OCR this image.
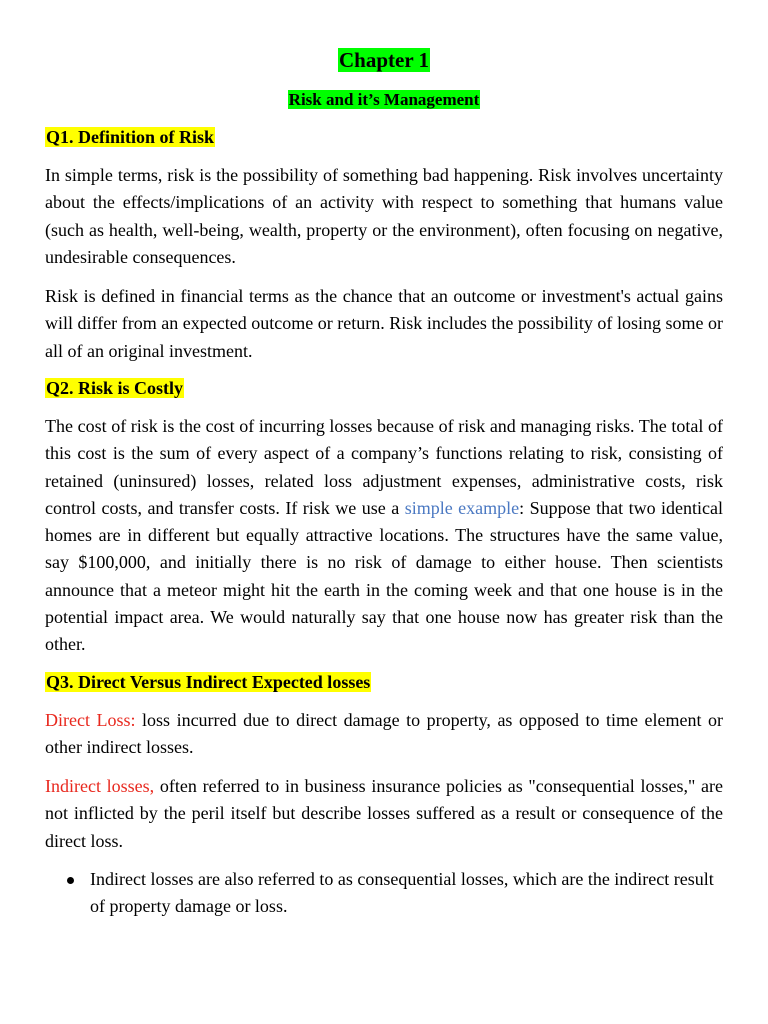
Chapter 1
Risk and it’s Management
Q1. Definition of Risk

In simple terms, risk is the possibility of something bad happening. Risk involves uncertainty about the effects/implications of an activity with respect to something that humans value (such as health, well-being, wealth, property or the environment), often focusing on negative, undesirable consequences.

Risk is defined in financial terms as the chance that an outcome or investment's actual gains will differ from an expected outcome or return. Risk includes the possibility of losing some or all of an original investment.

Q2. Risk is Costly

The cost of risk is the cost of incurring losses because of risk and managing risks. The total of this cost is the sum of every aspect of a company’s functions relating to risk, consisting of retained (uninsured) losses, related loss adjustment expenses, administrative costs, risk control costs, and transfer costs. If risk we use a simple example: Suppose that two identical homes are in different but equally attractive locations. The structures have the same value, say $100,000, and initially there is no risk of damage to either house. Then scientists announce that a meteor might hit the earth in the coming week and that one house is in the potential impact area. We would naturally say that one house now has greater risk than the other.

Q3. Direct Versus Indirect Expected losses

Direct Loss: loss incurred due to direct damage to property, as opposed to time element or other indirect losses.

Indirect losses, often referred to in business insurance policies as "consequential losses," are not inflicted by the peril itself but describe losses suffered as a result or consequence of the direct loss.

Indirect losses are also referred to as consequential losses, which are the indirect result of property damage or loss.
